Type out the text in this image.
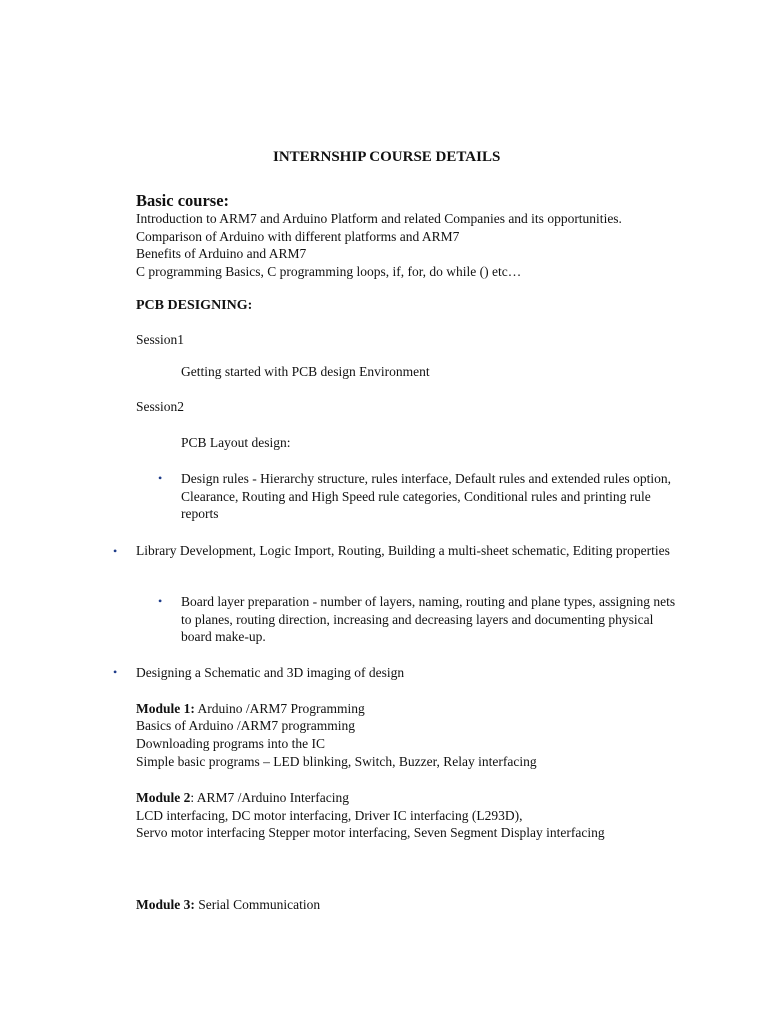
INTERNSHIP COURSE DETAILS
Basic course:
Introduction to ARM7 and Arduino Platform and related Companies and its opportunities.
Comparison of Arduino with different platforms and ARM7
Benefits of Arduino and ARM7
C programming Basics, C programming loops, if, for, do while () etc…
PCB DESIGNING:
Session1
Getting started with PCB design Environment
Session2
PCB Layout design:
• Design rules - Hierarchy structure, rules interface, Default rules and extended rules option, Clearance, Routing and High Speed rule categories, Conditional rules and printing rule reports
• Library Development, Logic Import, Routing, Building a multi-sheet schematic, Editing properties
• Board layer preparation - number of layers, naming, routing and plane types, assigning nets to planes, routing direction, increasing and decreasing layers and documenting physical board make-up.
• Designing a Schematic and 3D imaging of design
Module 1: Arduino /ARM7 Programming
Basics of Arduino /ARM7 programming
Downloading programs into the IC
Simple basic programs – LED blinking, Switch, Buzzer, Relay interfacing
Module 2: ARM7 /Arduino Interfacing
LCD interfacing, DC motor interfacing, Driver IC interfacing (L293D),
Servo motor interfacing Stepper motor interfacing, Seven Segment Display interfacing
Module 3: Serial Communication
